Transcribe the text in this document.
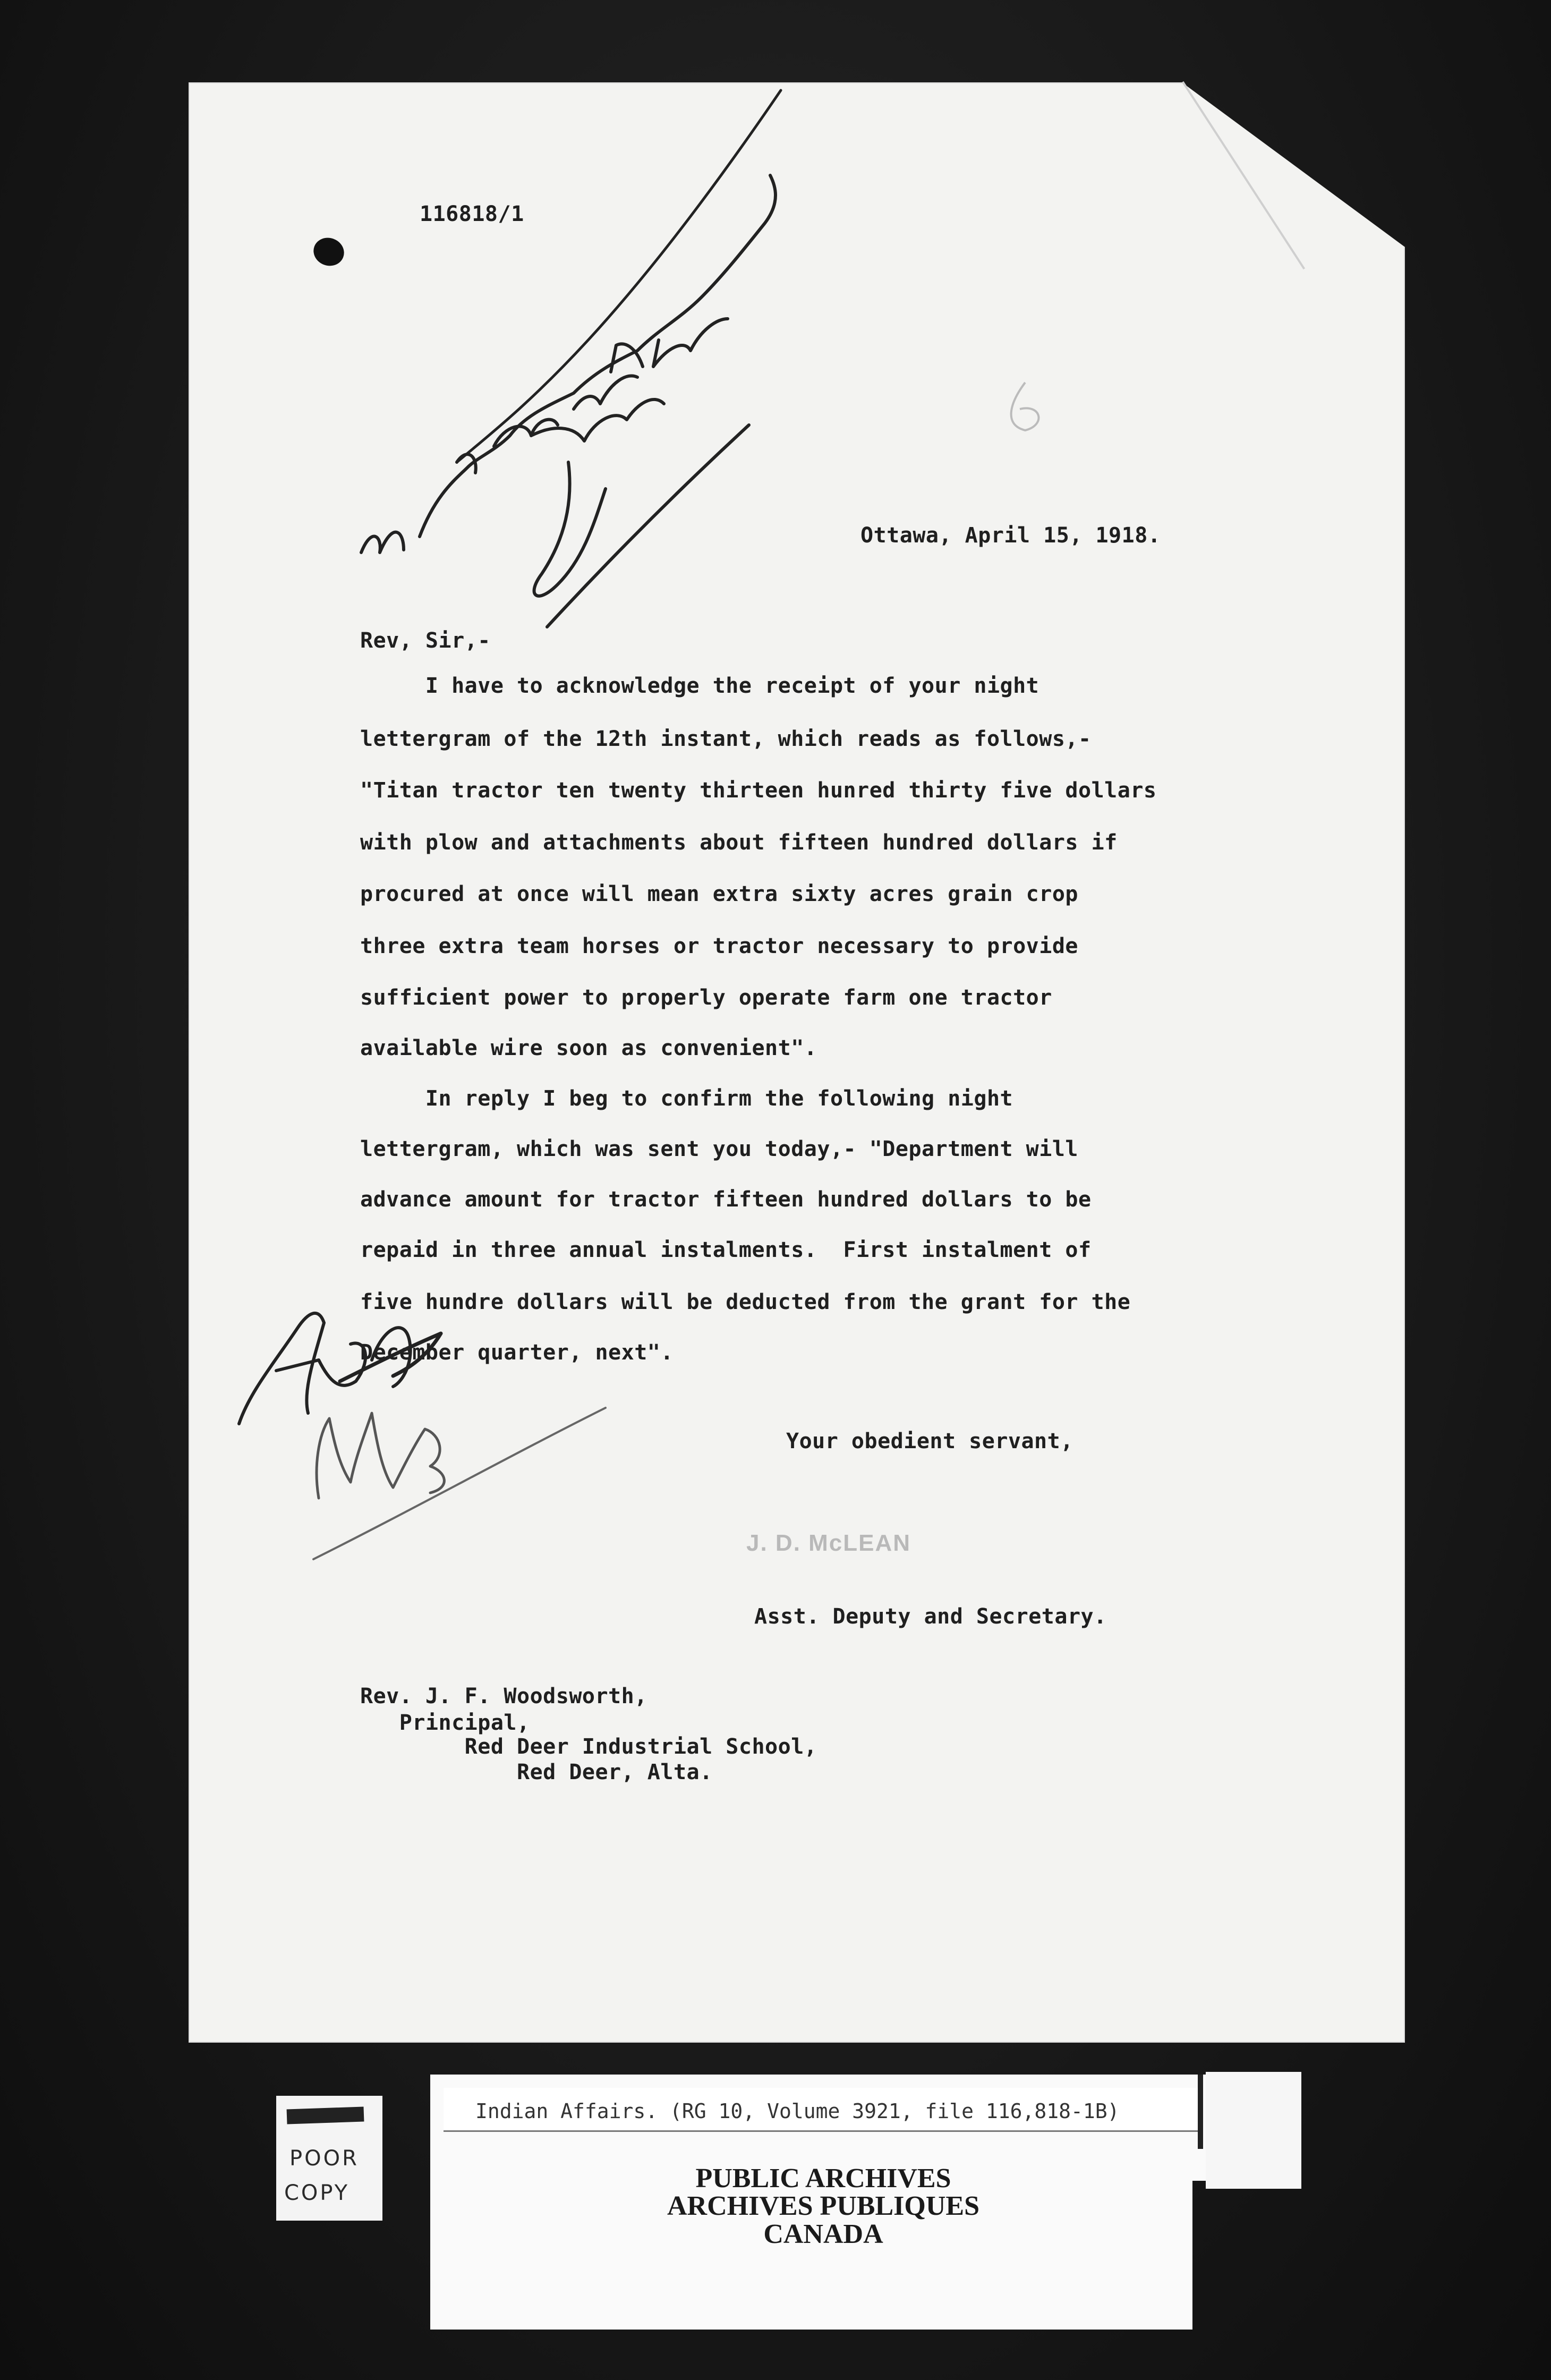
116818/1
Ottawa, April 15, 1918.
Rev, Sir,-
I have to acknowledge the receipt of your night
lettergram of the 12th instant, which reads as follows,-
"Titan tractor ten twenty thirteen hunred thirty five dollars
with plow and attachments about fifteen hundred dollars if
procured at once will mean extra sixty acres grain crop
three extra team horses or tractor necessary to provide
sufficient power to properly operate farm one tractor
available wire soon as convenient".
In reply I beg to confirm the following night
lettergram, which was sent you today,- "Department will
advance amount for tractor fifteen hundred dollars to be
repaid in three annual instalments.  First instalment of
five hundre dollars will be deducted from the grant for the
December quarter, next".
Your obedient servant,
J. D. McLEAN
Asst. Deputy and Secretary.
Rev. J. F. Woodsworth,
Principal,
Red Deer Industrial School,
Red Deer, Alta.
POOR
COPY
Indian Affairs. (RG 10, Volume 3921, file 116,818-1B)
PUBLIC ARCHIVES
ARCHIVES PUBLIQUES
CANADA
